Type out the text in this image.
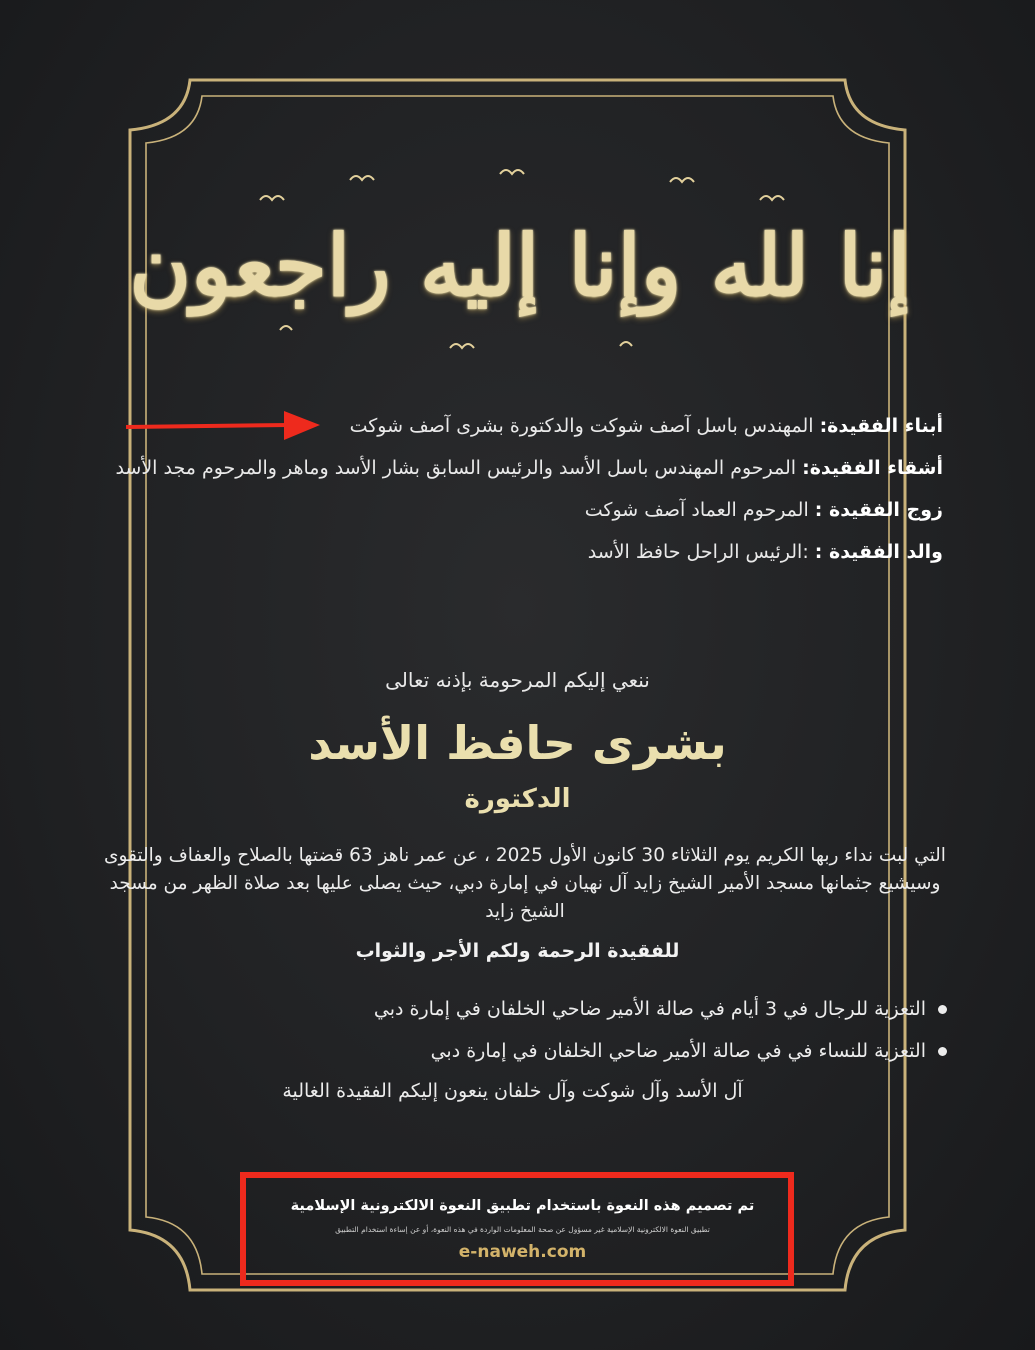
إنا لله وإنا إليه راجعون
أبناء الفقيدة: المهندس باسل آصف شوكت والدكتورة بشرى آصف شوكت
أشقاء الفقيدة: المرحوم المهندس باسل الأسد والرئيس السابق بشار الأسد وماهر والمرحوم مجد الأسد
زوج الفقيدة : المرحوم العماد آصف شوكت
والد الفقيدة : :الرئيس الراحل حافظ الأسد
ننعي إليكم المرحومة بإذنه تعالى
بشرى حافظ الأسد
الدكتورة
التي لبت نداء ربها الكريم يوم الثلاثاء 30 كانون الأول 2025 ، عن عمر ناهز 63 قضتها بالصلاح والعفاف والتقوى وسيشيع جثمانها مسجد الأمير الشيخ زايد آل نهيان في إمارة دبي، حيث يصلى عليها بعد صلاة الظهر من مسجد الشيخ زايد
للفقيدة الرحمة ولكم الأجر والثواب
التعزية للرجال في 3 أيام في صالة الأمير ضاحي الخلفان في إمارة دبي
التعزية للنساء في في صالة الأمير ضاحي الخلفان في إمارة دبي
آل الأسد وآل شوكت وآل خلفان ينعون إليكم الفقيدة الغالية
تم تصميم هذه النعوة باستخدام تطبيق النعوة الالكترونية الإسلامية
تطبيق النعوة الالكترونية الإسلامية غير مسؤول عن صحة المعلومات الواردة في هذه النعوة، أو عن إساءة استخدام التطبيق
e-naweh.com
